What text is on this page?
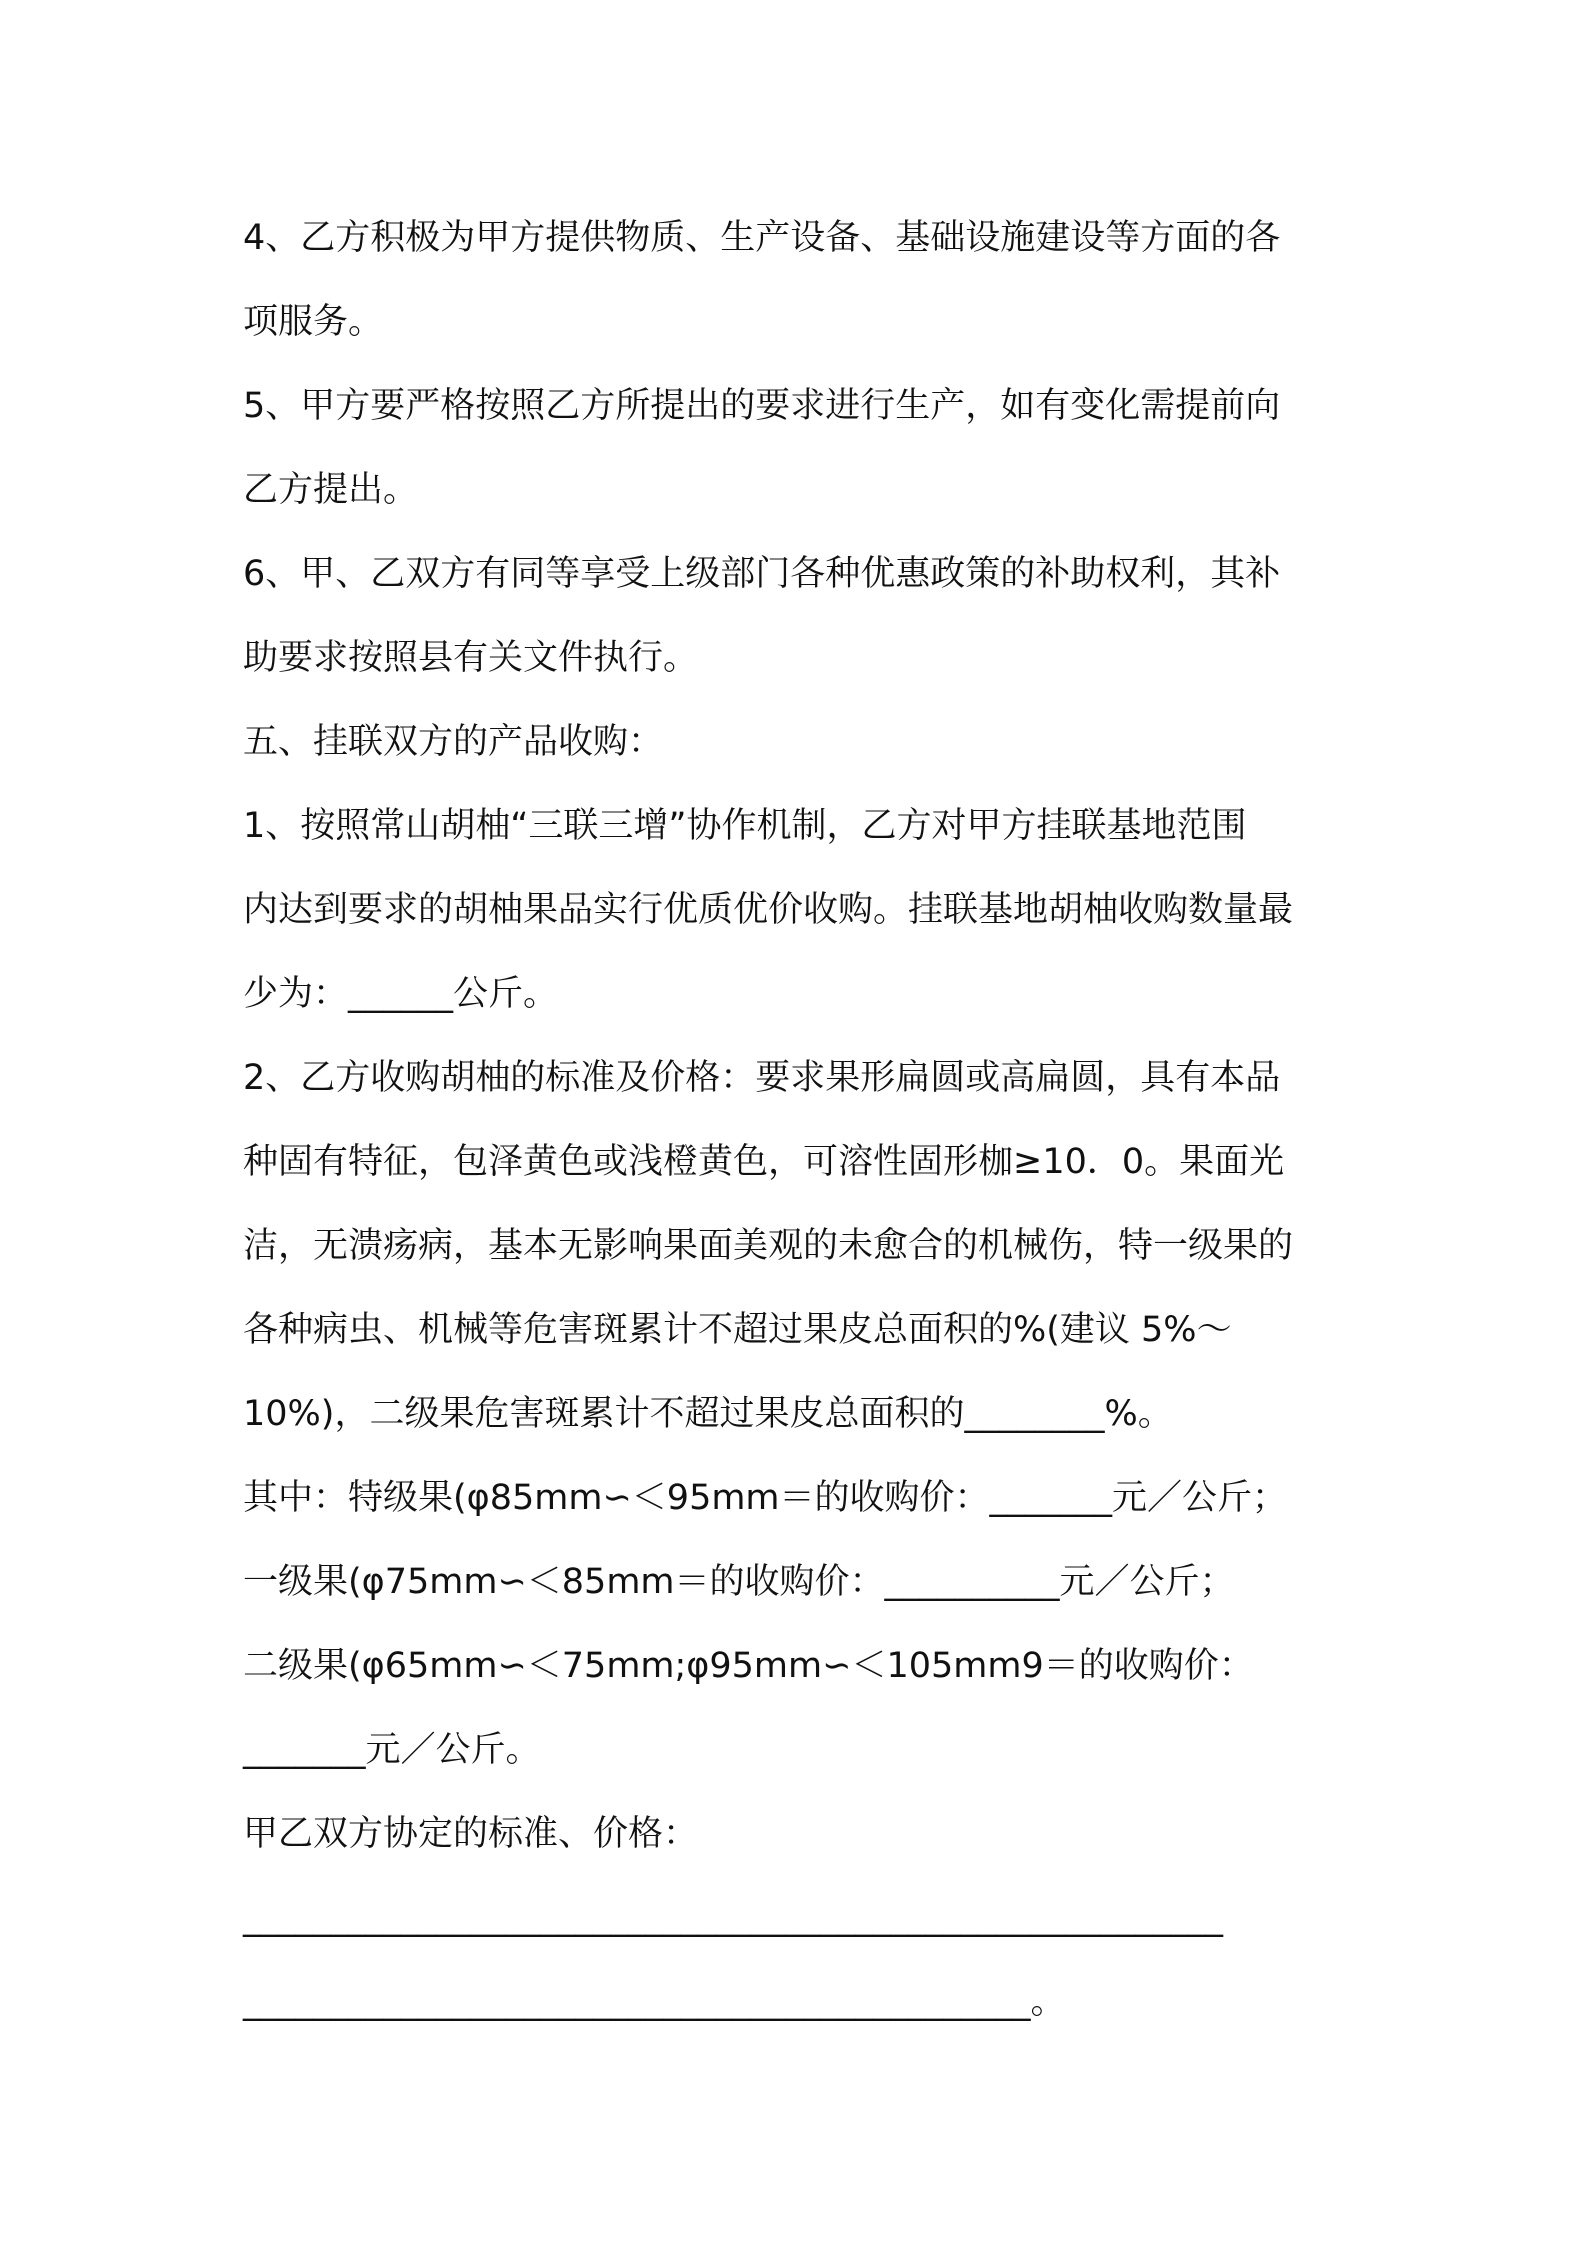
4、乙方积极为甲方提供物质、生产设备、基础设施建设等方面的各
项服务。
5、甲方要严格按照乙方所提出的要求进行生产，如有变化需提前向
乙方提出。
6、甲、乙双方有同等享受上级部门各种优惠政策的补助权利，其补
助要求按照县有关文件执行。
五、挂联双方的产品收购：
1、按照常山胡柚“三联三增”协作机制，乙方对甲方挂联基地范围
内达到要求的胡柚果品实行优质优价收购。挂联基地胡柚收购数量最
少为：______公斤。
2、乙方收购胡柚的标准及价格：要求果形扁圆或高扁圆，具有本品
种固有特征，包泽黄色或浅橙黄色，可溶性固形枷≥10．0。果面光
洁，无溃疡病，基本无影响果面美观的未愈合的机械伤，特一级果的
各种病虫、机械等危害斑累计不超过果皮总面积的%(建议 5%～
10%)，二级果危害斑累计不超过果皮总面积的________%。
其中：特级果(φ85mm∽＜95mm＝的收购价：_______元／公斤；
一级果(φ75mm∽＜85mm＝的收购价：__________元／公斤；
二级果(φ65mm∽＜75mm;φ95mm∽＜105mm9＝的收购价：
_______元／公斤。
甲乙双方协定的标准、价格：
________________________________________________________
_____________________________________________。
